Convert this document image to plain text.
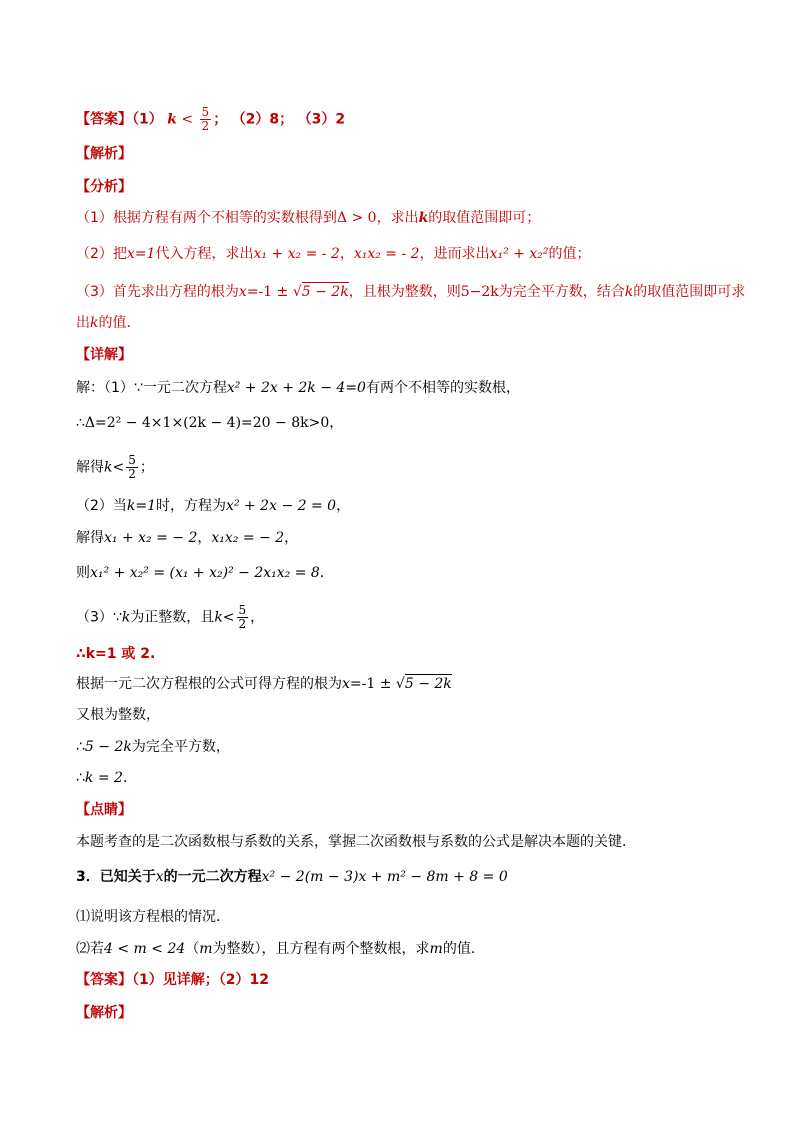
【答案】（1） $k < \frac{5}{2}$ ； （2）8； （3）2
【解析】
【分析】
（1）根据方程有两个不相等的实数根得到Δ > 0，求出k的取值范围即可；
（2）把x=1代入方程，求出x₁ + x₂ = - 2，x₁x₂ = - 2，进而求出x₁² + x₂²的值；
（3）首先求出方程的根为x=-1 ± √5 − 2k，且根为整数，则5−2k为完全平方数，结合k的取值范围即可求
出k的值．
【详解】
解：（1）∵一元二次方程x² + 2x + 2k − 4=0有两个不相等的实数根，
∴Δ=2² − 4×1×(2k − 4)=20 − 8k>0，
解得$k< \frac{5}{2}$ ；
（2）当k=1时，方程为x² + 2x − 2 = 0，
解得x₁ + x₂ = − 2，x₁x₂ = − 2，
则x₁² + x₂² = (x₁ + x₂)² − 2x₁x₂ = 8．
（3）∵k为正整数，且$k< \frac{5}{2}$ ，
∴k=1 或 2.
根据一元二次方程根的公式可得方程的根为x=-1 ± √5 − 2k
又根为整数，
∴5 − 2k为完全平方数，
∴k = 2．
【点睛】
本题考查的是二次函数根与系数的关系，掌握二次函数根与系数的公式是解决本题的关键．
3．已知关于x的一元二次方程x² − 2(m − 3)x + m² − 8m + 8 = 0
⑴说明该方程根的情况．
⑵若4 < m < 24（m为整数），且方程有两个整数根，求m的值．
【答案】（1）见详解；（2）12
【解析】
